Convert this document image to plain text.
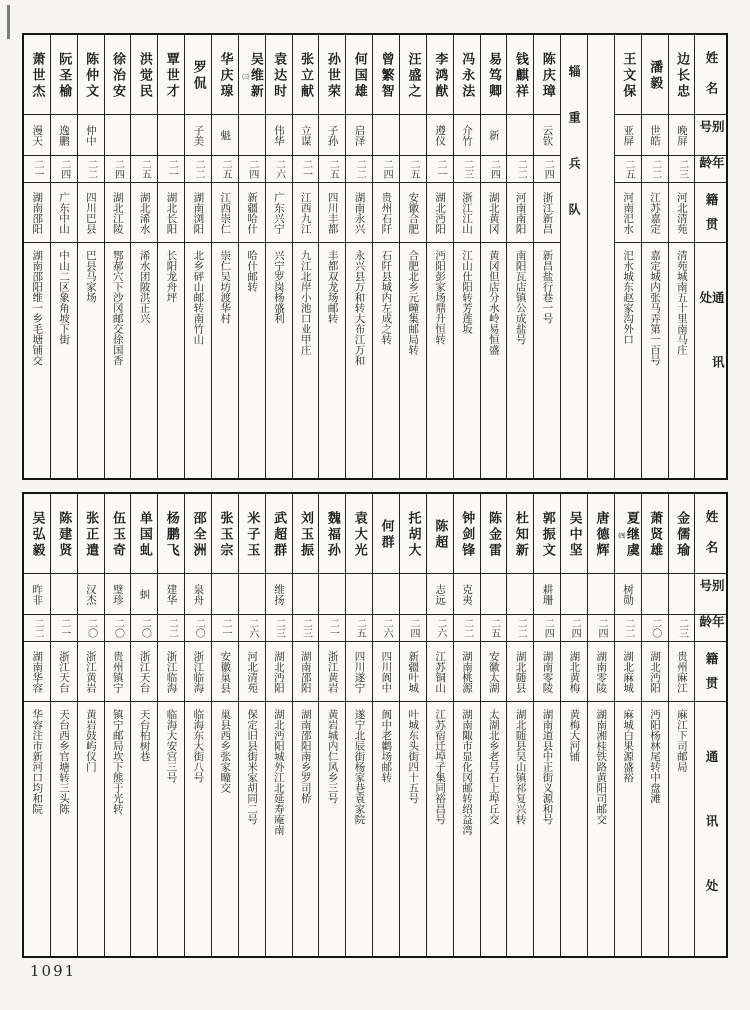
姓名
别号
年龄
籍贯
通讯处
边长忠
晚屏
二三
河北清苑
清苑城南五十里南马庄
潘毅
世皓
二二
江苏嘉定
嘉定城内张马弄第一百号
王文保
亚屏
二五
河南汜水
汜水城东赵家沟外口
辎重兵队
陈庆璋
云钦
二四
浙江新昌
新昌盐行巷一号
钱麒祥
二二
河南南阳
南阳瓦店镇公成盐号
易笃卿
新
二四
湖北黄冈
黄冈但店分水岭易恒盛
冯永法
介竹
二三
浙江江山
江山仕阳转芳莲坂
李鸿猷
遵仪
二一
湖北沔阳
沔阳彭家场鼎升恒转
汪盛之
二五
安徽合肥
合肥北乡元疃集邮局转
曾繁智
二四
贵州石阡
石阡县城内左成之转
何国雄
启泽
二二
湖南永兴
永兴县万和转大布江万和
孙世荣
子孙
二五
四川丰都
丰都双龙场邮转
张立献
立谋
二一
江西九江
九江北岸小池口业甲庄
袁达时
伟华
二六
广东兴宁
兴宁罗岗杨盛利
吴维新
㈢
二四
新疆哈什
哈什邮转
华庆瑔
魁
二五
江西崇仁
崇仁吴坊渡华村
罗侃
子美
二二
湖南浏阳
北乡砰山邮转南竹山
覃世才
二一
湖北长阳
长阳龙舟坪
洪觉民
二五
湖北浠水
浠水团陂洪正兴
徐治安
二四
湖北江陵
鄂郝穴下沙冈邮交徐国香
陈仲文
仲中
二二
四川巴县
巴县马家场
阮圣榆
逸鹏
二四
广东中山
中山二区象角坡下街
萧世杰
漫天
二一
湖南邵阳
湖南邵阳维一乡毛塘铺交
姓名
别号
年龄
籍贯
通讯处
金儒瑜
二三
贵州麻江
麻江下司邮局
萧贤雄
二〇
湖北沔阳
沔阳杨林尾转中盘滩
夏继虞
㈣
树勋
二二
湖北麻城
麻城白果源盛裕
唐德辉
二四
湖南零陵
湖南湘桂铁路黄阳司邮交
吴中坚
二四
湖北黄梅
黄梅大河铺
郭振文
耕珊
二四
湖南零陵
湖南道县中正街义源和号
杜知新
二二
湖北随县
湖北随县吴山镇祁复兴转
陈金雷
二五
安徽太湖
太湖北乡老号石上埠丘交
钟剑锋
克夷
二二
湖南桃源
湖南陬市显化冈邮转绍益湾
陈超
志远
二六
江苏铜山
江苏宿迁埠子集同裕昌号
托胡大
二四
新疆叶城
叶城东头街四十五号
何群
二六
四川阆中
阆中老鹳场邮转
袁大光
二五
四川遂宁
遂宁北辰街杨家巷袁家院
魏福孙
二一
浙江黄岩
黄岩城内仁风乡三号
刘玉振
二三
湖南邵阳
湖南邵阳南乡罗司桥
武超群
维扬
二三
湖北沔阳
湖北沔阳城外江北延寿庵南
米子玉
二六
河北清苑
保定旧县街米家胡同二号
张玉宗
二一
安徽巢县
巢县西乡张家疃交
邵全洲
泉舟
二〇
浙江临海
临海东大街八号
杨鹏飞
建华
二二
浙江临海
临海大安宫三号
单国虬
虯
二〇
浙江天台
天台柏树巷
伍玉奇
璧珍
二〇
贵州镇宁
镇宁邮局坎下熊于光转
张正遣
汉杰
二〇
浙江黄岩
黄岩鼓屿仪门
陈建贤
二一
浙江天台
天台西乡官塘转三头陈
吴弘毅
昨非
二二
湖南华容
华容注市新河口均和院
1091
